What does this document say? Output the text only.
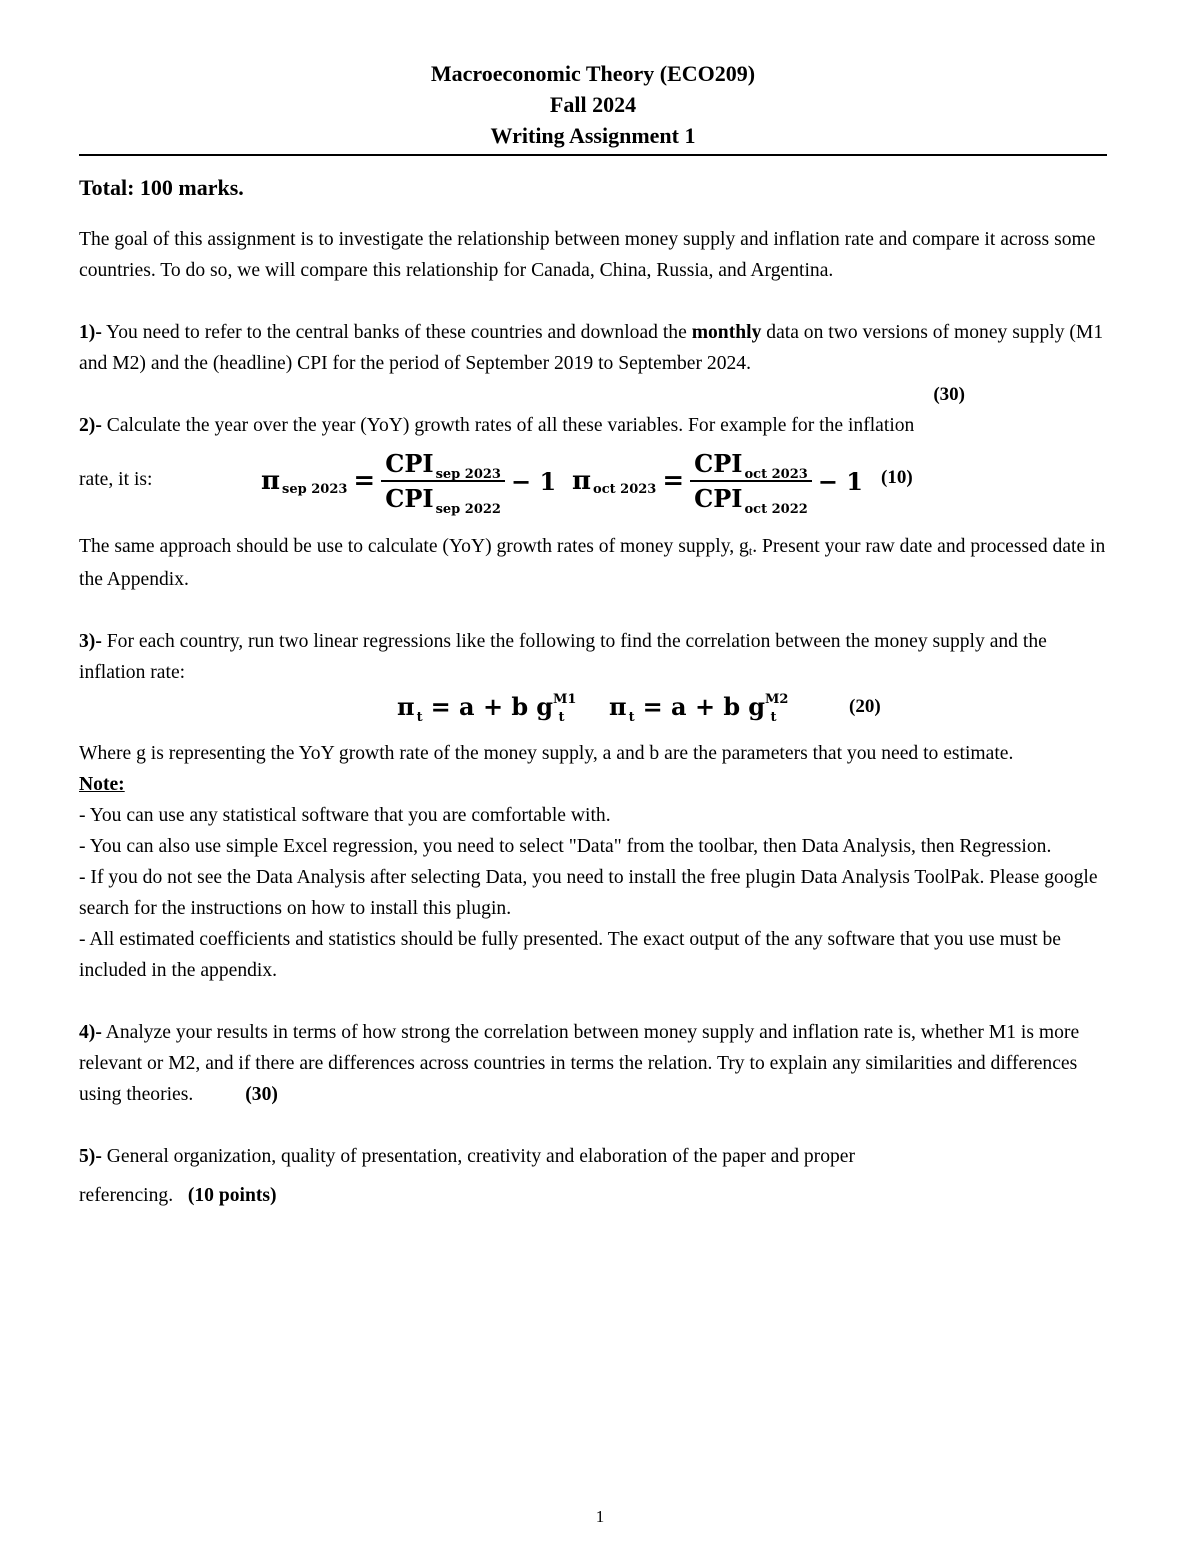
Macroeconomic Theory (ECO209)
Fall 2024
Writing Assignment 1
Total: 100 marks.

The goal of this assignment is to investigate the relationship between money supply and inflation rate and compare it across some countries. To do so, we will compare this relationship for Canada, China, Russia, and Argentina.

1)- You need to refer to the central banks of these countries and download the monthly data on two versions of money supply (M1 and M2) and the (headline) CPI for the period of September 2019 to September 2024.

(30)

2)- Calculate the year over the year (YoY) growth rates of all these variables. For example for the inflation

rate, it is:	π sep $2023 = \frac{CPI _{sep 2023}}{CPI _{sep 2022}} - 1$ π oct $2023 = \frac{CPI _{oct 2023}}{CPI _{oct 2022}} - 1$ (10)

The same approach should be use to calculate (YoY) growth rates of money supply, gt. Present your raw date and processed date in the Appendix.

3)- For each country, run two linear regressions like the following to find the correlation between the money supply and the inflation rate:

π t = a + b g M1
t π t = a + b g M2
t
(20)

Where g is representing the YoY growth rate of the money supply, a and b are the parameters that you need to estimate.

Note:

- You can use any statistical software that you are comfortable with.

- You can also use simple Excel regression, you need to select "Data" from the toolbar, then Data Analysis, then Regression.

- If you do not see the Data Analysis after selecting Data, you need to install the free plugin Data Analysis ToolPak. Please google search for the instructions on how to install this plugin.

- All estimated coefficients and statistics should be fully presented. The exact output of the any software that you use must be included in the appendix.

4)- Analyze your results in terms of how strong the correlation between money supply and inflation rate is, whether M1 is more relevant or M2, and if there are differences across countries in terms the relation. Try to explain any similarities and differences using theories.	(30)

5)- General organization, quality of presentation, creativity and elaboration of the paper and proper

referencing. (10 points)

1
